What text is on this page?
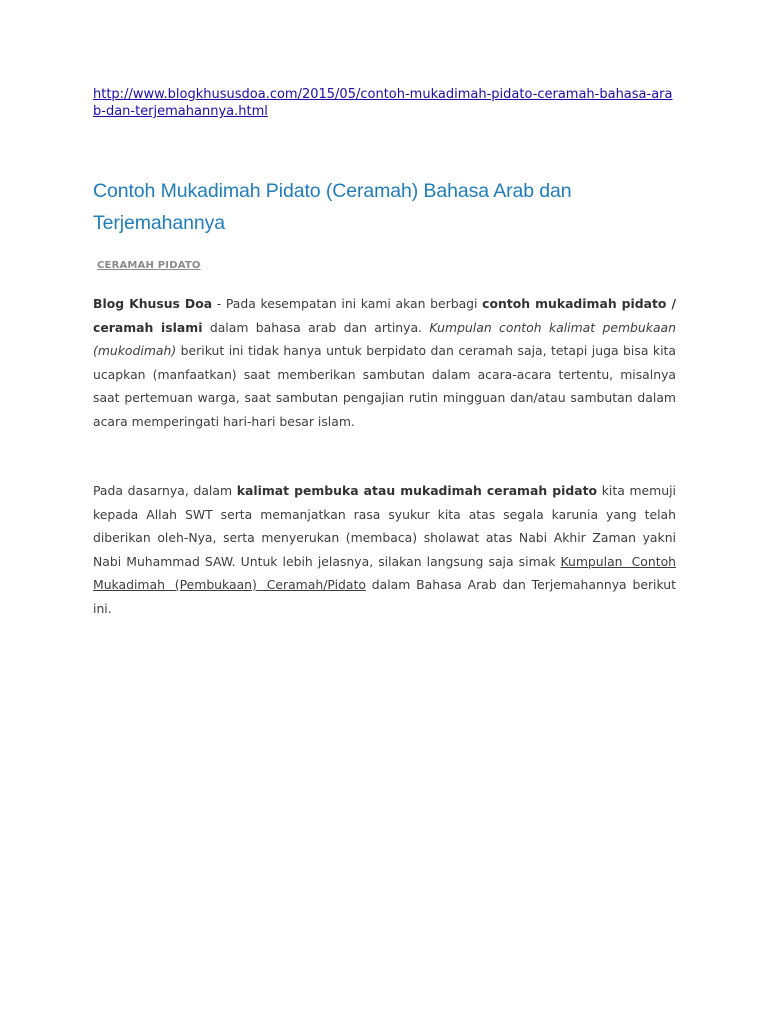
http://www.blogkhususdoa.com/2015/05/contoh-mukadimah-pidato-ceramah-bahasa-arab-dan-terjemahannya.html
Contoh Mukadimah Pidato (Ceramah) Bahasa Arab dan Terjemahannya
CERAMAH PIDATO

Blog Khusus Doa - Pada kesempatan ini kami akan berbagi contoh mukadimah pidato / ceramah islami dalam bahasa arab dan artinya. Kumpulan contoh kalimat pembukaan (mukodimah) berikut ini tidak hanya untuk berpidato dan ceramah saja, tetapi juga bisa kita ucapkan (manfaatkan) saat memberikan sambutan dalam acara-acara tertentu, misalnya saat pertemuan warga, saat sambutan pengajian rutin mingguan dan/atau sambutan dalam acara memperingati hari-hari besar islam.

Pada dasarnya, dalam kalimat pembuka atau mukadimah ceramah pidato kita memuji kepada Allah SWT serta memanjatkan rasa syukur kita atas segala karunia yang telah diberikan oleh-Nya, serta menyerukan (membaca) sholawat atas Nabi Akhir Zaman yakni Nabi Muhammad SAW. Untuk lebih jelasnya, silakan langsung saja simak Kumpulan Contoh Mukadimah (Pembukaan) Ceramah/Pidato dalam Bahasa Arab dan Terjemahannya berikut ini.
